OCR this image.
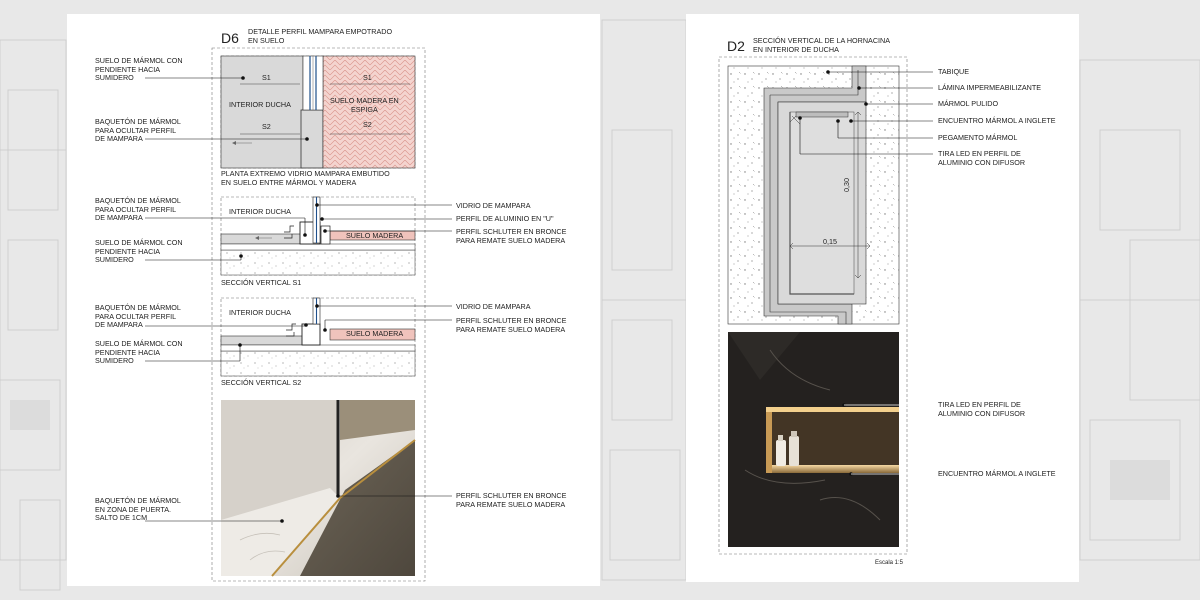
D6 DETALLE PERFIL MAMPARA EMPOTRADO
EN SUELO
INTERIOR DUCHA	SUELO MADERA EN
ESPIGA
S1	S1
S2	S2
PLANTA EXTREMO VIDRIO MAMPARA EMBUTIDO
EN SUELO ENTRE MÁRMOL Y MADERA
INTERIOR DUCHA
SUELO MADERA
SECCIÓN VERTICAL S1
INTERIOR DUCHA
SUELO MADERA
SECCIÓN VERTICAL S2
SUELO DE MÁRMOL CON
PENDIENTE HACIA
SUMIDERO
BAQUETÓN DE MÁRMOL
PARA OCULTAR PERFIL
DE MAMPARA
BAQUETÓN DE MÁRMOL
PARA OCULTAR PERFIL
DE MAMPARA
SUELO DE MÁRMOL CON
PENDIENTE HACIA
SUMIDERO
BAQUETÓN DE MÁRMOL
PARA OCULTAR PERFIL
DE MAMPARA
SUELO DE MÁRMOL CON
PENDIENTE HACIA
SUMIDERO
BAQUETÓN DE MÁRMOL
EN ZONA DE PUERTA.
SALTO DE 1CM
VIDRIO DE MAMPARA
PERFIL DE ALUMINIO EN "U"
PERFIL SCHLUTER EN BRONCE
PARA REMATE SUELO MADERA
VIDRIO DE MAMPARA
PERFIL SCHLUTER EN BRONCE
PARA REMATE SUELO MADERA
PERFIL SCHLUTER EN BRONCE
PARA REMATE SUELO MADERA
D2 SECCIÓN VERTICAL DE LA HORNACINA
EN INTERIOR DE DUCHA
0,30
0,15
TABIQUE
LÁMINA IMPERMEABILIZANTE
MÁRMOL PULIDO
ENCUENTRO MÁRMOL A INGLETE
PEGAMENTO MÁRMOL
TIRA LED EN PERFIL DE
ALUMINIO CON DIFUSOR
TIRA LED EN PERFIL DE
ALUMINIO CON DIFUSOR
ENCUENTRO MÁRMOL A INGLETE
Escala 1:5
